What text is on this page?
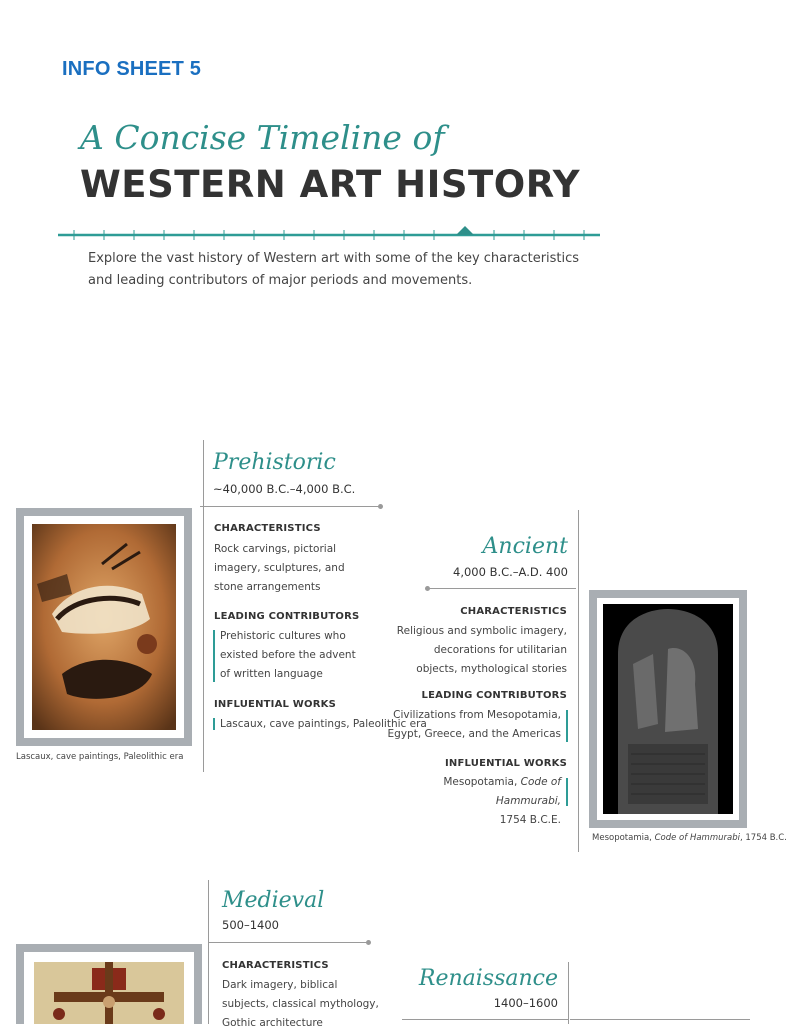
INFO SHEET 5
A Concise Timeline of
WESTERN ART HISTORY
Explore the vast history of Western art with some of the key characteristics and leading contributors of major periods and movements.
Prehistoric
~40,000 B.C.–4,000 B.C.
Lascaux, cave paintings, Paleolithic era
CHARACTERISTICS
Rock carvings, pictorial
imagery, sculptures, and
stone arrangements
LEADING CONTRIBUTORS
Prehistoric cultures who
existed before the advent
of written language
INFLUENTIAL WORKS
Lascaux, cave paintings, Paleolithic era
Ancient
4,000 B.C.–A.D. 400
CHARACTERISTICS
Religious and symbolic imagery,
decorations for utilitarian
objects, mythological stories
LEADING CONTRIBUTORS
Civilizations from Mesopotamia,
Egypt, Greece, and the Americas
INFLUENTIAL WORKS
Mesopotamia, Code of Hammurabi,
1754 B.C.E.
Mesopotamia, Code of Hammurabi, 1754 B.C.
Medieval
500–1400
CHARACTERISTICS
Dark imagery, biblical
subjects, classical mythology,
Gothic architecture
Renaissance
1400–1600
